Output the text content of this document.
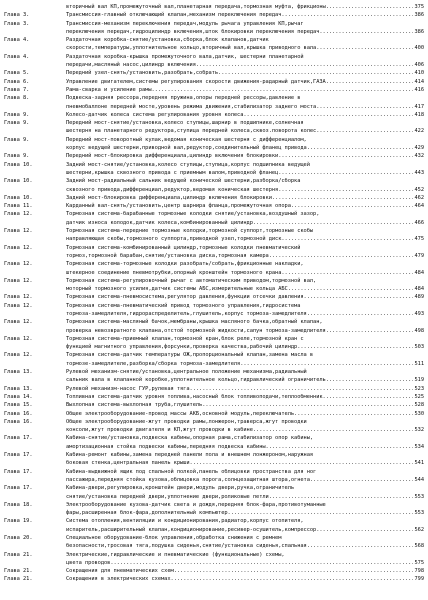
вторичный вал КП,промежуточный вал,планетарная передача,тормозная муфта, фрикционы .....	375
Глава 3.	Трансмиссия-главный отключающий клапан,механизм переключения передач .....	386
Глава 3.	Трансмиссия-механизм переключения передач,модуль рычага управления КП,рычаг
переключения передач,гидроцилиндр включения,шток блокировки переключения передач .....	386
Глава 4.	Раздаточная коробка-снятие/установка,сборка,блок клапанов,датчик
скорости,температуры,уплотнительное кольцо,вторичный вал,крышка приводного вала .....	400
Глава 4.	Раздаточная коробка-крышка промежуточного вала,датчик, шестерни планетарной
передачи,масляный насос,цилиндр включения .....	406
Глава 5.	Передний узел-снять/установить,разобрать,собрать .....	410
Глава 6.	Управление двигателем,системы регулирования скорости движения-радарный датчик,ГАЗА .....	414
Глава 7.	Рама-сварка и усиление рамы .....	416
Глава 8.	Подвеска-задняя рессора,передняя пружина,опоры передней рессоры,давление в
пневмобаллоне передней мосте,уровень режима движения,стабилизатор заднего моста .....	417
Глава 9.	Колесо-датчик колеса система регулирования уровня колеса .....	418
Глава 9.	Передний мост-снятие/установка,колесо ступицы,шарнир в подшипнике,солнечная
шестерня на планетарного редуктора,ступица передней колеса,сквоз.поворота колес .....	422
Глава 9.	Передний мост-поворотный кулак,ведомая коническая шестерня с дифференциалом,
корпус ведущей шестерни,приводной вал,редуктор,соединительный фланец привода .....	429
Глава 9.	Передний мост-блокировка дифференциала,цилиндр включения блокировки .....	432
Глава 10.	Задний мост-снятие/установка,колесо ступицы,ступица,корпус подшипника ведущей
шестерни,крышка сквозного привода с приемным валом,приводной фланец .....	443
Глава 10.	Задний мост-радиальный сальник ведущей конической шестерни,разборка/сборка
сквозного привода,дифференциал,редуктор,ведомая коническая шестерня .....	452
Глава 10.	Задний мост-блокировка дифференциала,цилиндр включения блокировки .....	462
Глава 11.	Карданный вал-снять/установить,центр шарнира фланца,промежуточная опора .....	464
Глава 12.	Тормозная система-барабанные тормозные колодки снятие/установка,воздушный зазор,
датчик износа колодок,датчик колеса,комбинированный цилиндр .....	466
Глава 12.	Тормозная система-передние тормозные колодки,тормозной суппорт,тормозные скобы
направляющая скобы,тормозного суппорта,приводной узел,тормозной диск .....	475
Глава 12.	Тормозная система-комбинированный цилиндр,тормозные колодки пневматический
тормоз,тормозной барабан,снятие/установка диска,тормозная камера .....	479
Глава 12.	Тормозная система-тормозные колодки разобрать/собрать,фрикционные накладки,
штекерное соединение пневмотрубки,опорный кронштейн тормозного крана .....	484
Глава 12.	Тормозная система-регулировочный рычаг с автоматическим приводом,тормозной вал,
моторный тормозного усилия,датчик системы АБС,измерительные кольца АБС .....	484
Глава 12.	Тормозная система-пневмосистема,регулятор давления,функции отсечки давления .....	489
Глава 12.	Тормозная система-пневматический привод тормозного управления,гидросистема
тормоза-замедлителя,гидрораспределитель,глушитель,корпус тормоза-замедлителя .....	493
Глава 12.	Тормозная система-масляный бачок,мембраны,крышка масляного бачка,обратный клапан,
проверка невозвратного клапана,отстой тормозной жидкости,сапун тормоза-замедлителя .....	498
Глава 12.	Тормозная система-приемный клапан,тормозной кран,блок реле,тормозной кран с
функцией магнитного управления,форсунки,проверка качества,рабочий цилиндр .....	503
Глава 12.	Тормозная система-датчик температуры ОЖ,пропорциональный клапан,замена масла в
тормозе-замедлителе,разборка/сборка тормоза-замедлителя .....	511
Глава 13.	Рулевой механизм-снятие/установка,центральное положение механизма,радиальный
сальник вала в клапанной коробке,уплотнительное кольцо,гидравлический ограничитель .....	519
Глава 13.	Рулевой механизм-насос ГУР,рулевая тяга .....	523
Глава 14.	Топливная система-датчик уровня топлива,насосный блок топливоподачи,теплообменник .....	525
Глава 15.	Выхлопная система-выхлопная труба,глушитель .....	528
Глава 16.	Общее электрооборудование-провод массы АКБ,основной модуль,переключатель .....	530
Глава 16.	Общее электрооборудование-жгут проводки рамы,лонжерон,траверса,жгут проводки
консоли,жгут проводки двигателя и КП,жгут проводки в кабине .....	532
Глава 17.	Кабина-снятие/установка,подвеска кабины,опорная рама,стабилизатор опор кабины,
амортизационная стойка подвески кабины,передняя подвеска кабины .....	534
Глава 17.	Кабина-ремонт кабины,замена передней панели пола и внешнем лонжероном,наружная
боковая стенка,центральная панель крыши .....	541
Глава 17.	Кабина-выдвижной ящик под спальной полкой,панель облицовки пространства для ног
пассажира,передняя стойка кузова,облицовка порога,солнцезащитная штора,огнета .....	544
Глава 17.	Кабина-двери,регулировка,кронштейн двери,модуль двери,ручка,ограничитель
снятие/установка передней двери,уплотнение двери,роликовые петли .....	553
Глава 18.	Электрооборудование кузова-датчик света и дождя,передняя блок-фара,противотуманные
фары,расширенная блок-фара,дополнительный компьютер .....	553
Глава 19.	Система отопления,вентиляции и кондиционирования,радиатор,корпус отопителя,
испаритель,расширительный клапан,кондиционирование,ресивер-осушитель,компрессор .....	562
Глава 20.	Специальное оборудование-блок управления,обработка снижения с ремнем
безопасности,тросовая тяга,подушка сиденья,снятие/установка сиденья,спальная .....	568
Глава 21.	Электрические,гидравлические и пневматические (функциональные) схемы,
цвета проводов .....	575
Глава 21.	Сокращения для пневматических схем .....	798
Глава 21.	Сокращения в электрических схемах .....	799
